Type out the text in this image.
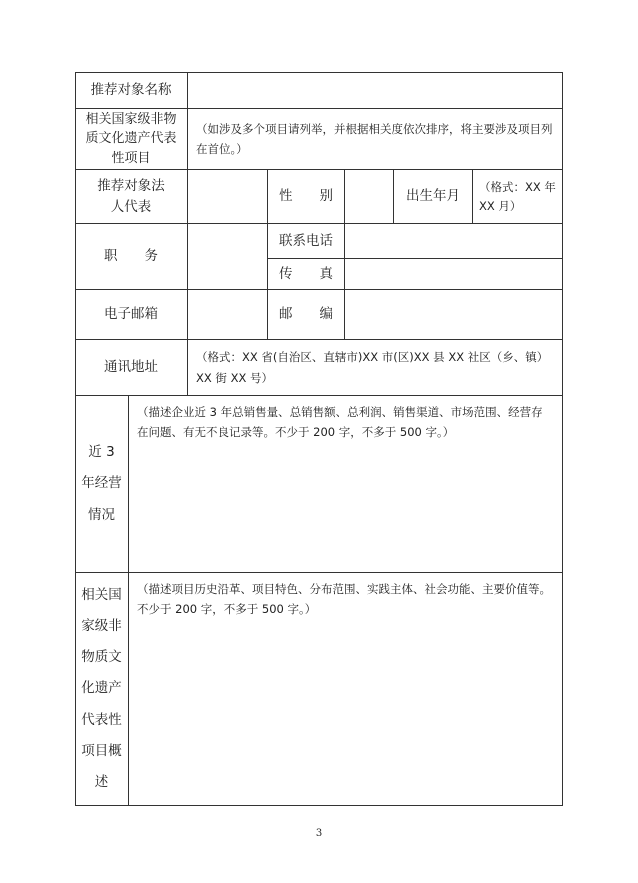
推荐对象名称
相关国家级非物质文化遗产代表性项目
（如涉及多个项目请列举，并根据相关度依次排序，将主要涉及项目列在首位。）
推荐对象法人代表
性　　别	出生年月
（格式：XX 年 XX 月）
职　　务
联系电话
传　　真
电子邮箱	邮　　编
通讯地址
（格式：XX 省(自治区、直辖市)XX 市(区)XX 县 XX 社区（乡、镇）XX 街 XX 号）
近 3 年经营情况
（描述企业近 3 年总销售量、总销售额、总利润、销售渠道、市场范围、经营存在问题、有无不良记录等。不少于 200 字，不多于 500 字。）
相关国家级非物质文化遗产代表性项目概述
（描述项目历史沿革、项目特色、分布范围、实践主体、社会功能、主要价值等。不少于 200 字，不多于 500 字。）
3
